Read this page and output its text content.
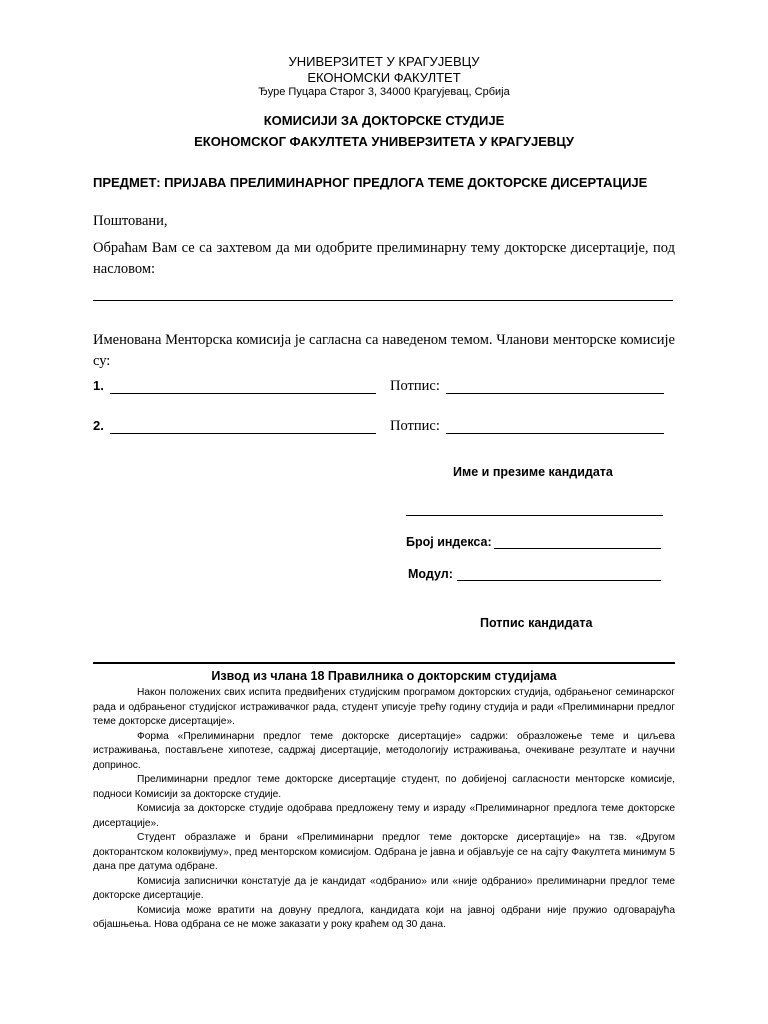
УНИВЕРЗИТЕТ У КРАГУЈЕВЦУ
ЕКОНОМСКИ ФАКУЛТЕТ
Ђуре Пуцара Старог 3, 34000 Крагујевац, Србија
КОМИСИЈИ ЗА ДОКТОРСКЕ СТУДИЈЕ
ЕКОНОМСКОГ ФАКУЛТЕТА УНИВЕРЗИТЕТА У КРАГУЈЕВЦУ
ПРЕДМЕТ: ПРИЈАВА ПРЕЛИМИНАРНОГ ПРЕДЛОГА ТЕМЕ ДОКТОРСКЕ ДИСЕРТАЦИЈЕ
Поштовани,
Обраћам Вам се са захтевом да ми одобрите прелиминарну тему докторске дисертације, под насловом:
Именована Менторска комисија је сагласна са наведеном темом. Чланови менторске комисије су:
1.	Потпис:
2.	Потпис:
Име и презиме кандидата
Број индекса:
Модул:
Потпис кандидата
Извод из члана 18 Правилника о докторским студијама

Након положених свих испита предвиђених студијским програмом докторских студија, одбрањеног семинарског рада и одбрањеног студијског истраживачког рада, студент уписује трећу годину студија и ради «Прелиминарни предлог теме докторске дисертације».

Форма «Прелиминарни предлог теме докторске дисертације» садржи: образложење теме и циљева истраживања, постављене хипотезе, садржај дисертације, методологију истраживања, очекиване резултате и научни допринос.

Прелиминарни предлог теме докторске дисертације студент, по добијеној сагласности менторске комисије, подноси Комисији за докторске студије.

Комисија за докторске студије одобрава предложену тему и израду «Прелиминарног предлога теме докторске дисертације».

Студент образлаже и брани «Прелиминарни предлог теме докторске дисертације» на тзв. «Другом докторантском колоквијуму», пред менторском комисијом. Одбрана је јавна и објављује се на сајту Факултета минимум 5 дана пре датума одбране.

Комисија записнички констатује да је кандидат «одбранио» или «није одбранио» прелиминарни предлог теме докторске дисертације.

Комисија може вратити на довуну предлога, кандидата који на јавној одбрани није пружио одговарајућа објашњења. Нова одбрана се не може заказати у року краћем од 30 дана.
